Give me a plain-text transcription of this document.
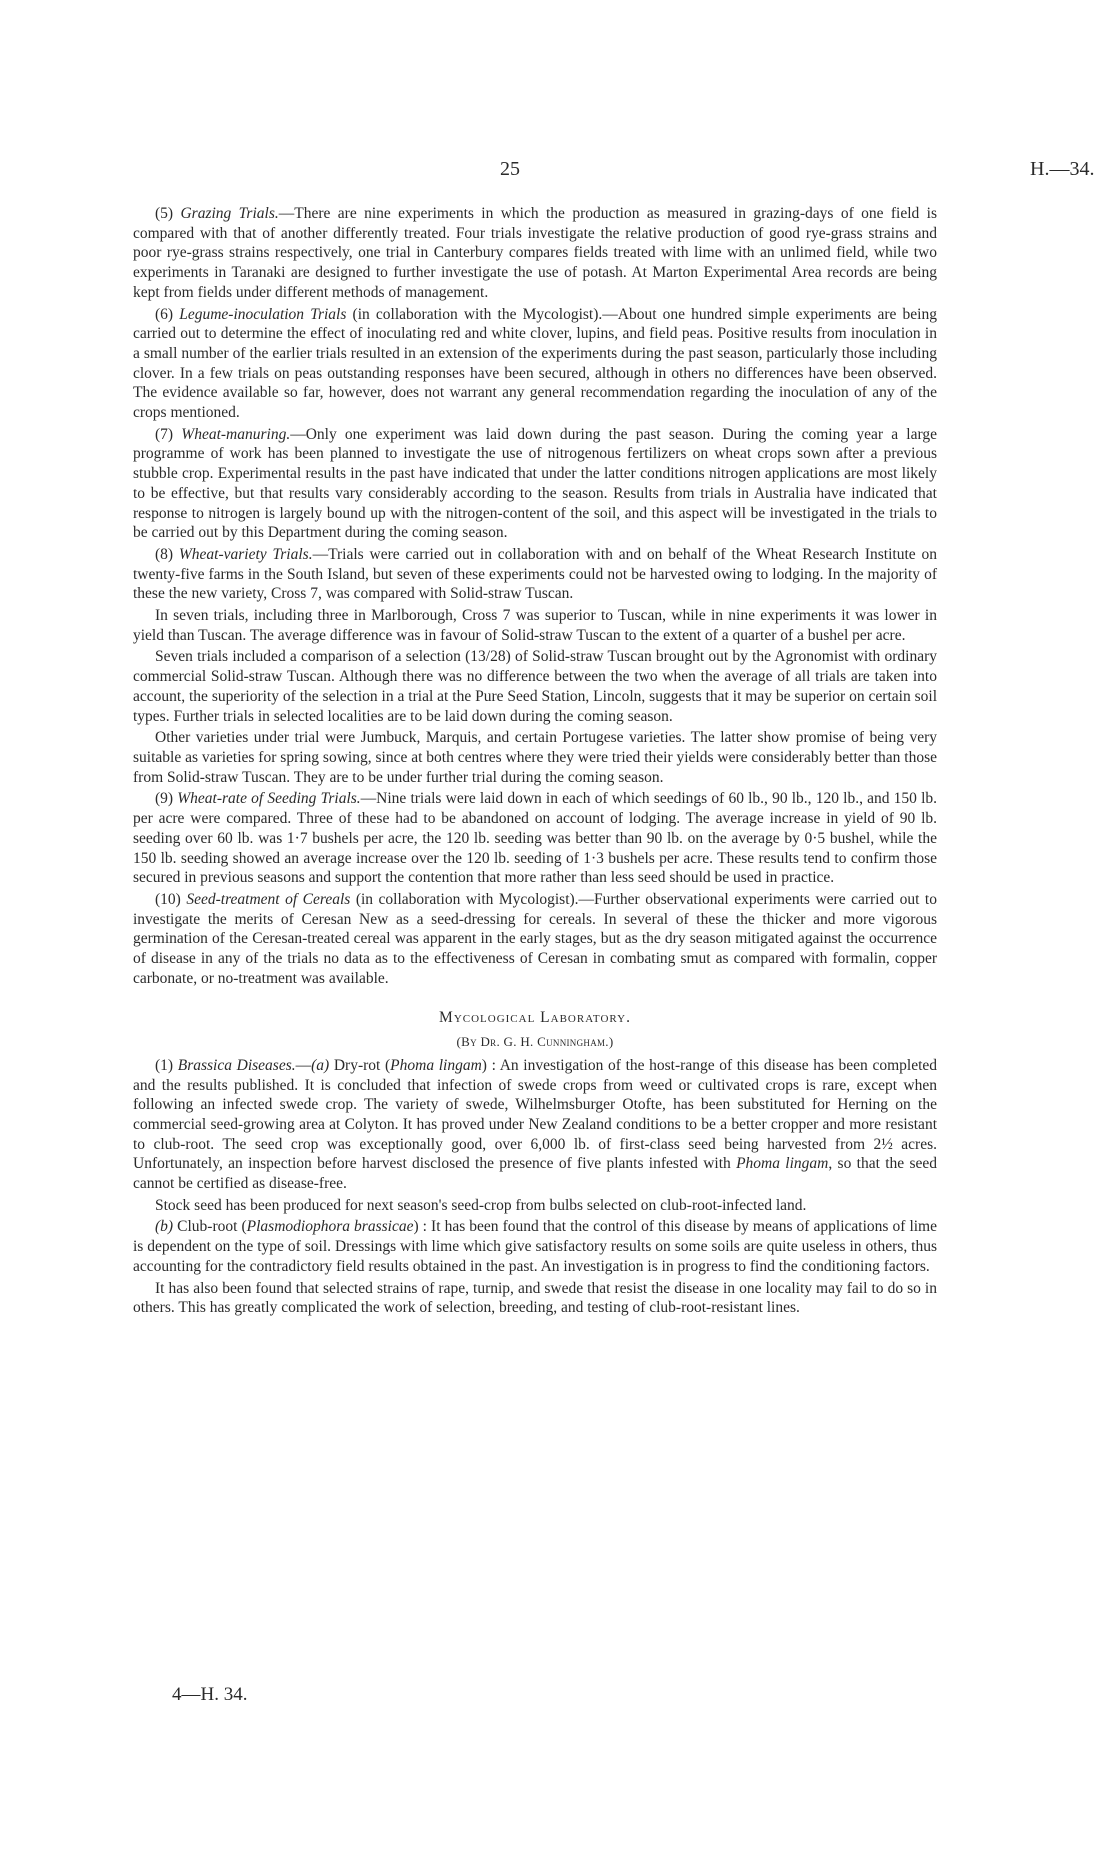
25	H.—34.

(5) Grazing Trials.—There are nine experiments in which the production as measured in grazing-days of one field is compared with that of another differently treated. Four trials investigate the relative production of good rye-grass strains and poor rye-grass strains respectively, one trial in Canterbury compares fields treated with lime with an unlimed field, while two experiments in Taranaki are designed to further investigate the use of potash. At Marton Experimental Area records are being kept from fields under different methods of management.

(6) Legume-inoculation Trials (in collaboration with the Mycologist).—About one hundred simple experiments are being carried out to determine the effect of inoculating red and white clover, lupins, and field peas. Positive results from inoculation in a small number of the earlier trials resulted in an extension of the experiments during the past season, particularly those including clover. In a few trials on peas outstanding responses have been secured, although in others no differences have been observed. The evidence available so far, however, does not warrant any general recommendation regarding the inoculation of any of the crops mentioned.

(7) Wheat-manuring.—Only one experiment was laid down during the past season. During the coming year a large programme of work has been planned to investigate the use of nitrogenous fertilizers on wheat crops sown after a previous stubble crop. Experimental results in the past have indicated that under the latter conditions nitrogen applications are most likely to be effective, but that results vary considerably according to the season. Results from trials in Australia have indicated that response to nitrogen is largely bound up with the nitrogen-content of the soil, and this aspect will be investigated in the trials to be carried out by this Department during the coming season.

(8) Wheat-variety Trials.—Trials were carried out in collaboration with and on behalf of the Wheat Research Institute on twenty-five farms in the South Island, but seven of these experiments could not be harvested owing to lodging. In the majority of these the new variety, Cross 7, was compared with Solid-straw Tuscan.

In seven trials, including three in Marlborough, Cross 7 was superior to Tuscan, while in nine experiments it was lower in yield than Tuscan. The average difference was in favour of Solid-straw Tuscan to the extent of a quarter of a bushel per acre.

Seven trials included a comparison of a selection (13/28) of Solid-straw Tuscan brought out by the Agronomist with ordinary commercial Solid-straw Tuscan. Although there was no difference between the two when the average of all trials are taken into account, the superiority of the selection in a trial at the Pure Seed Station, Lincoln, suggests that it may be superior on certain soil types. Further trials in selected localities are to be laid down during the coming season.

Other varieties under trial were Jumbuck, Marquis, and certain Portugese varieties. The latter show promise of being very suitable as varieties for spring sowing, since at both centres where they were tried their yields were considerably better than those from Solid-straw Tuscan. They are to be under further trial during the coming season.

(9) Wheat-rate of Seeding Trials.—Nine trials were laid down in each of which seedings of 60 lb., 90 lb., 120 lb., and 150 lb. per acre were compared. Three of these had to be abandoned on account of lodging. The average increase in yield of 90 lb. seeding over 60 lb. was 1·7 bushels per acre, the 120 lb. seeding was better than 90 lb. on the average by 0·5 bushel, while the 150 lb. seeding showed an average increase over the 120 lb. seeding of 1·3 bushels per acre. These results tend to confirm those secured in previous seasons and support the contention that more rather than less seed should be used in practice.

(10) Seed-treatment of Cereals (in collaboration with Mycologist).—Further observational experiments were carried out to investigate the merits of Ceresan New as a seed-dressing for cereals. In several of these the thicker and more vigorous germination of the Ceresan-treated cereal was apparent in the early stages, but as the dry season mitigated against the occurrence of disease in any of the trials no data as to the effectiveness of Ceresan in combating smut as compared with formalin, copper carbonate, or no-treatment was available.

Mycological Laboratory.
(By Dr. G. H. Cunningham.)

(1) Brassica Diseases.—(a) Dry-rot (Phoma lingam) : An investigation of the host-range of this disease has been completed and the results published. It is concluded that infection of swede crops from weed or cultivated crops is rare, except when following an infected swede crop. The variety of swede, Wilhelmsburger Otofte, has been substituted for Herning on the commercial seed-growing area at Colyton. It has proved under New Zealand conditions to be a better cropper and more resistant to club-root. The seed crop was exceptionally good, over 6,000 lb. of first-class seed being harvested from 2½ acres. Unfortunately, an inspection before harvest disclosed the presence of five plants infested with Phoma lingam, so that the seed cannot be certified as disease-free.

Stock seed has been produced for next season's seed-crop from bulbs selected on club-root-infected land.

(b) Club-root (Plasmodiophora brassicae) : It has been found that the control of this disease by means of applications of lime is dependent on the type of soil. Dressings with lime which give satisfactory results on some soils are quite useless in others, thus accounting for the contradictory field results obtained in the past. An investigation is in progress to find the conditioning factors.

It has also been found that selected strains of rape, turnip, and swede that resist the disease in one locality may fail to do so in others. This has greatly complicated the work of selection, breeding, and testing of club-root-resistant lines.

4—H. 34.
